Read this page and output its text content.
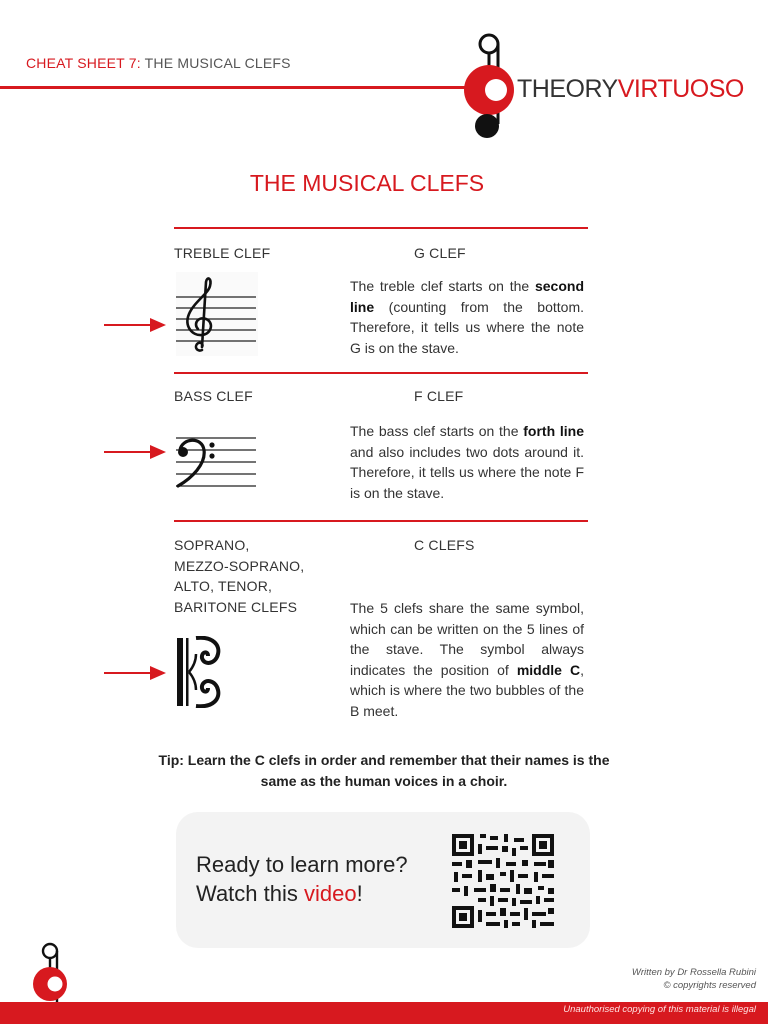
CHEAT SHEET 7: THE MUSICAL CLEFS
THEORYVIRTUOSO
THE MUSICAL CLEFS
TREBLE CLEF	G CLEF
The treble clef starts on the second line (counting from the bottom. Therefore, it tells us where the note G is on the stave.
BASS CLEF	F CLEF
The bass clef starts on the forth line and also includes two dots around it. Therefore, it tells us where the note F is on the stave.
SOPRANO,
MEZZO-SOPRANO,
ALTO, TENOR,
BARITONE CLEFS
C CLEFS
The 5 clefs share the same symbol, which can be written on the 5 lines of the stave. The symbol always indicates the position of middle C, which is where the two bubbles of the B meet.
Tip: Learn the C clefs in order and remember that their names is the same as the human voices in a choir.
Ready to learn more?
Watch this video!
Written by Dr Rossella Rubini
© copyrights reserved
Unauthorised copying of this material is illegal
